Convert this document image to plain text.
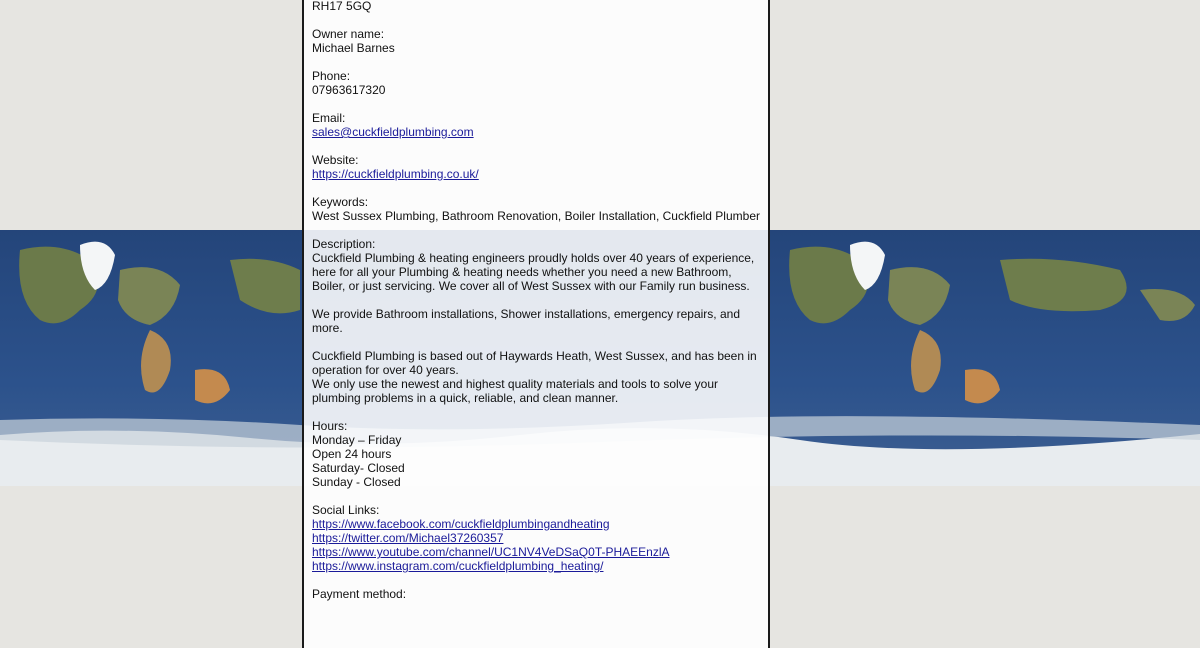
RH17 5GQ
Owner name:
Michael Barnes
Phone:
07963617320
Email:
sales@cuckfieldplumbing.com
Website:
https://cuckfieldplumbing.co.uk/
Keywords:
West Sussex Plumbing, Bathroom Renovation, Boiler Installation, Cuckfield Plumber
Description:
Cuckfield Plumbing & heating engineers proudly holds over 40 years of experience, here for all your Plumbing & heating needs whether you need a new Bathroom, Boiler, or just servicing. We cover all of West Sussex with our Family run business.
We provide Bathroom installations, Shower installations, emergency repairs, and more.
Cuckfield Plumbing is based out of Haywards Heath, West Sussex, and has been in operation for over 40 years.
We only use the newest and highest quality materials and tools to solve your plumbing problems in a quick, reliable, and clean manner.
Hours:
Monday – Friday
Open 24 hours
Saturday- Closed
Sunday - Closed
Social Links:
https://www.facebook.com/cuckfieldplumbingandheating
https://twitter.com/Michael37260357
https://www.youtube.com/channel/UC1NV4VeDSaQ0T-PHAEEnzlA
https://www.instagram.com/cuckfieldplumbing_heating/
Payment method:
